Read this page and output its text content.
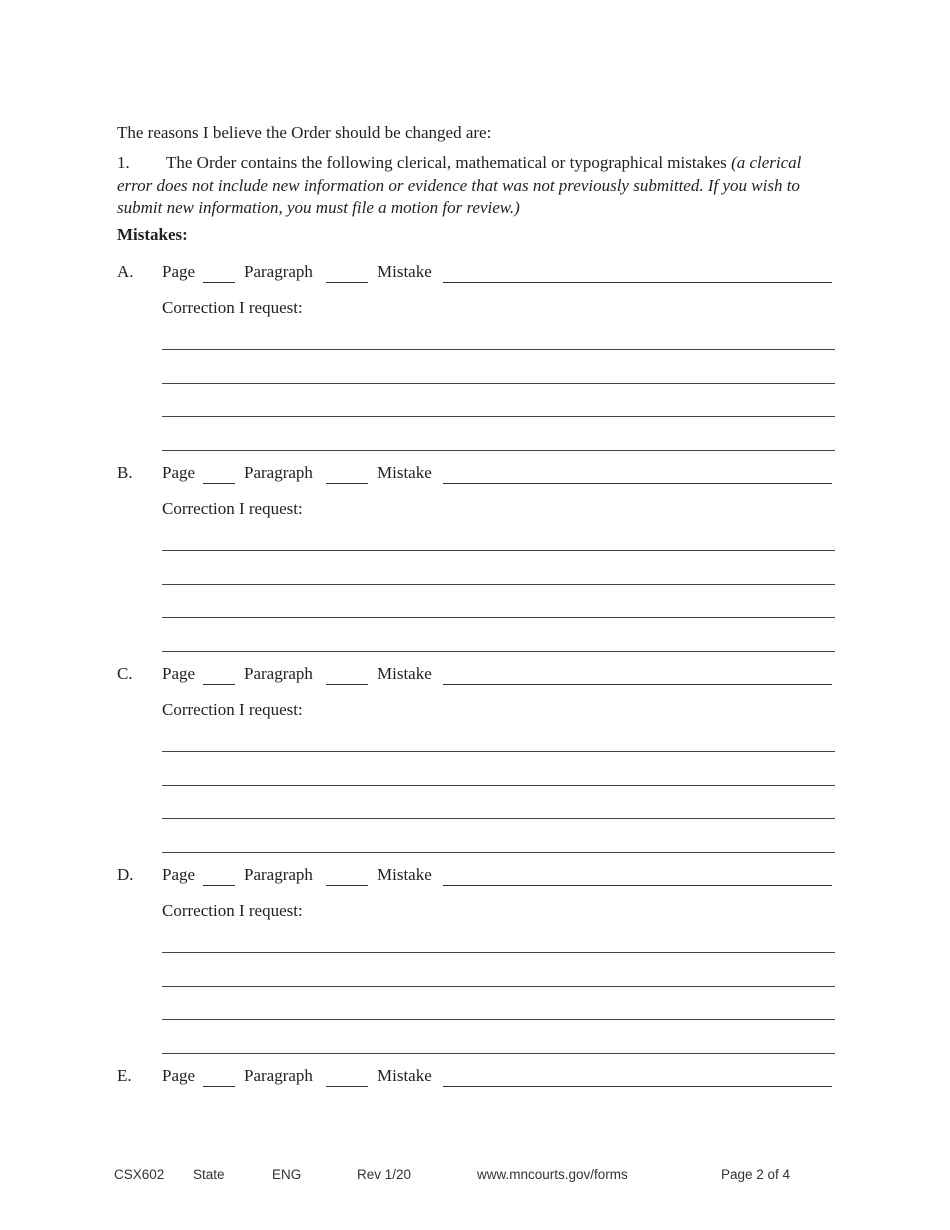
The reasons I believe the Order should be changed are:
1. The Order contains the following clerical, mathematical or typographical mistakes (a clerical error does not include new information or evidence that was not previously submitted. If you wish to submit new information, you must file a motion for review.)
Mistakes:
A. Page	Paragraph	Mistake
Correction I request:
B. Page	Paragraph	Mistake
Correction I request:
C. Page	Paragraph	Mistake
Correction I request:
D. Page	Paragraph	Mistake
Correction I request:
E. Page	Paragraph	Mistake
CSX602 State	ENG	Rev 1/20	www.mncourts.gov/forms	Page 2 of 4
